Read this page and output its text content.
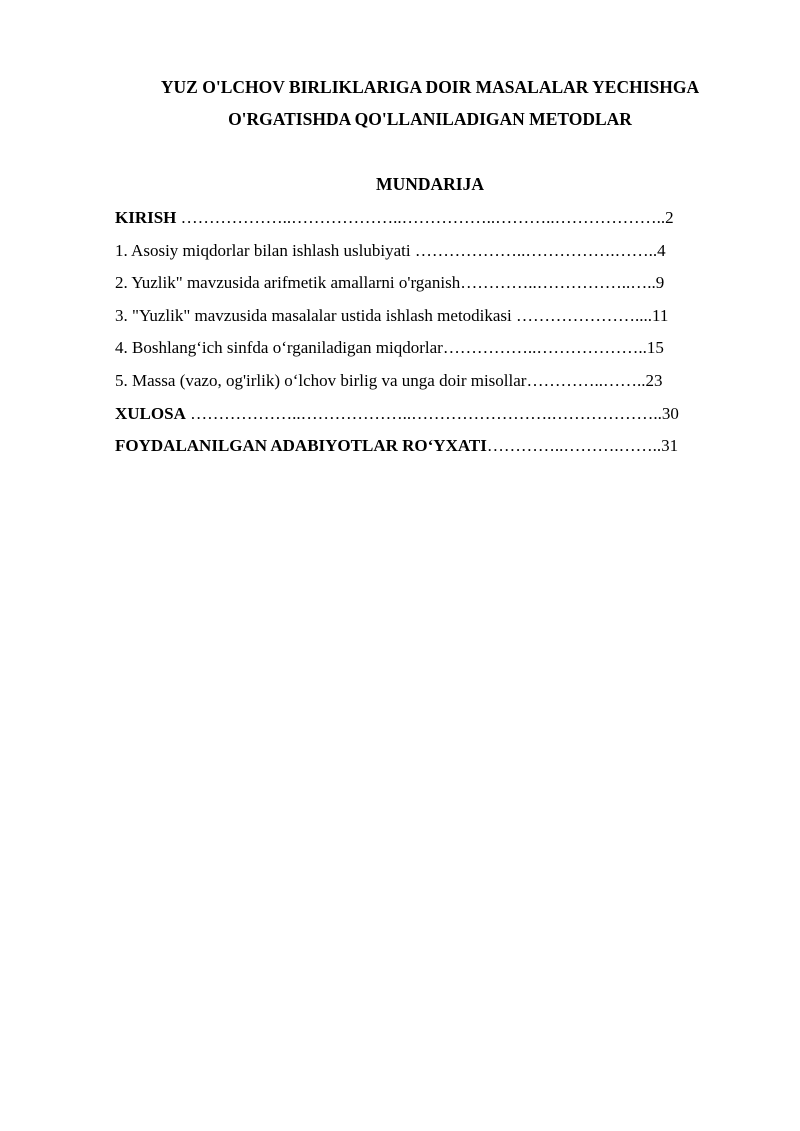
YUZ O'LCHOV BIRLIKLARIGA DOIR MASALALAR YECHISHGA
O'RGATISHDA QO'LLANILADIGAN METODLAR
MUNDARIJA
KIRISH ………………..………………..……………..………..………………..2
1. Asosiy miqdorlar bilan ishlash uslubiyati ………………..…………….……..4
2. Yuzlik" mavzusida arifmetik amallarni o'rganish…………..……………..…..9
3. "Yuzlik" mavzusida masalalar ustida ishlash metodikasi …………………....11
4. Boshlang‘ich sinfda o‘rganiladigan miqdorlar……………..………………..15
5. Massa (vazo, og'irlik) o‘lchov birlig va unga doir misollar…………..……..23
XULOSA ………………..………………..…………………….………………..30
FOYDALANILGAN ADABIYOTLAR RO‘YXATI…………..……….……..31
